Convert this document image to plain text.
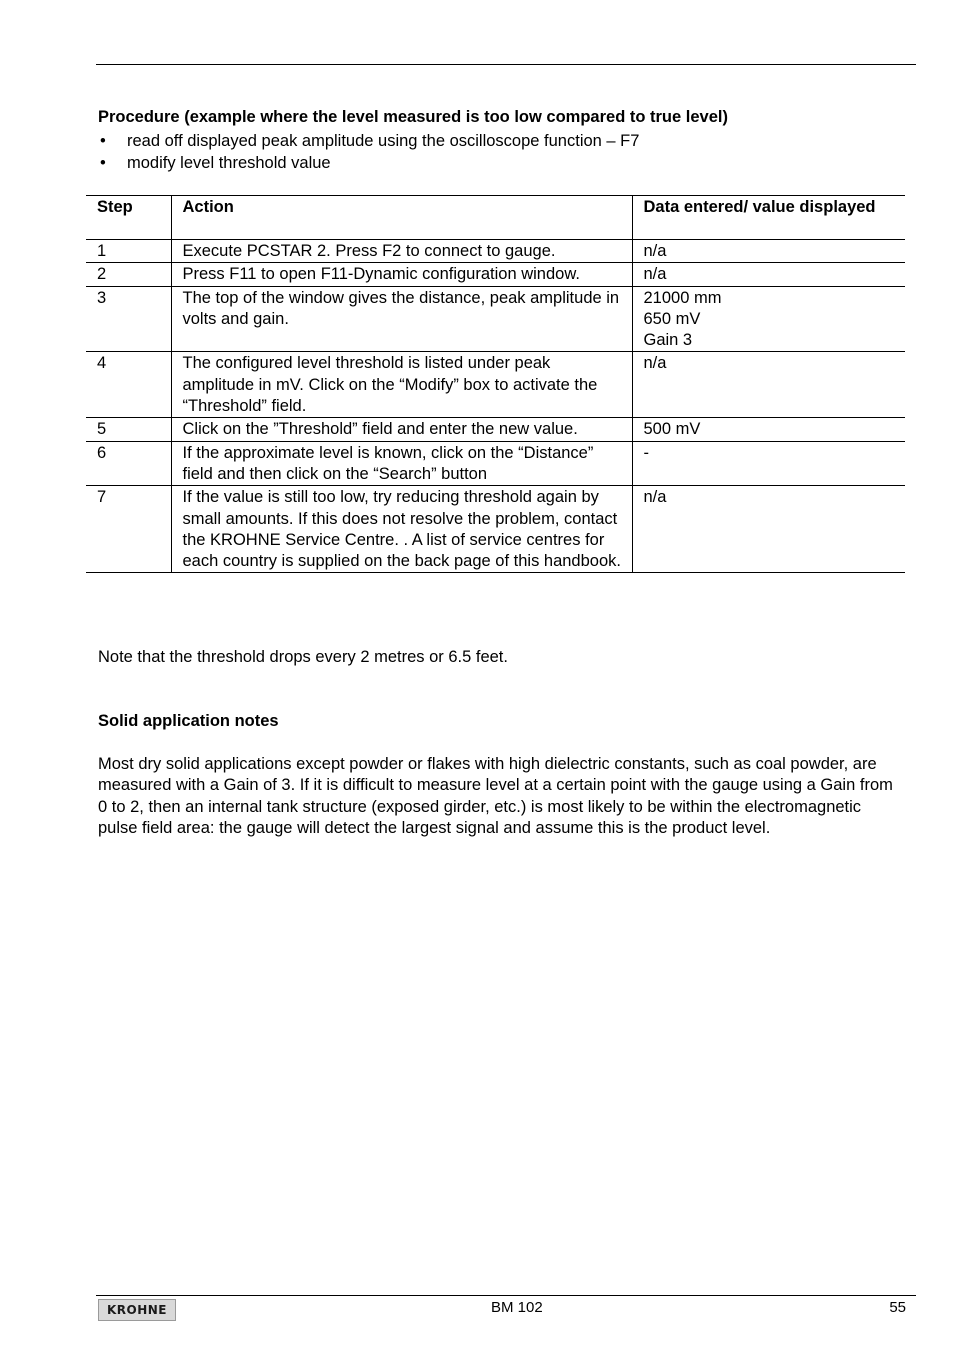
Procedure (example where the level measured is too low compared to true level)
• read off displayed peak amplitude using the oscilloscope function – F7
• modify level threshold value
Step	Action	Data entered/ value displayed
1	Execute PCSTAR 2. Press F2 to connect to gauge.	n/a

2	Press F11 to open F11-Dynamic configuration window.	n/a

3	The top of the window gives the distance, peak amplitude in volts and gain.	21000 mm
650 mV
Gain 3

4	The configured level threshold is listed under peak amplitude in mV. Click on the “Modify” box to activate the “Threshold” field.	n/a

5	Click on the ”Threshold” field and enter the new value.	500 mV

6	If the approximate level is known, click on the “Distance” field and then click on the “Search” button	-

7	If the value is still too low, try reducing threshold again by small amounts. If this does not resolve the problem, contact the KROHNE Service Centre. . A list of service centres for each country is supplied on the back page of this handbook.	n/a
Note that the threshold drops every 2 metres or 6.5 feet.
Solid application notes

Most dry solid applications except powder or flakes with high dielectric constants, such as coal powder, are measured with a Gain of 3. If it is difficult to measure level at a certain point with the gauge using a Gain from 0 to 2, then an internal tank structure (exposed girder, etc.) is most likely to be within the electromagnetic pulse field area: the gauge will detect the largest signal and assume this is the product level.

KROHNE	BM 102	55
